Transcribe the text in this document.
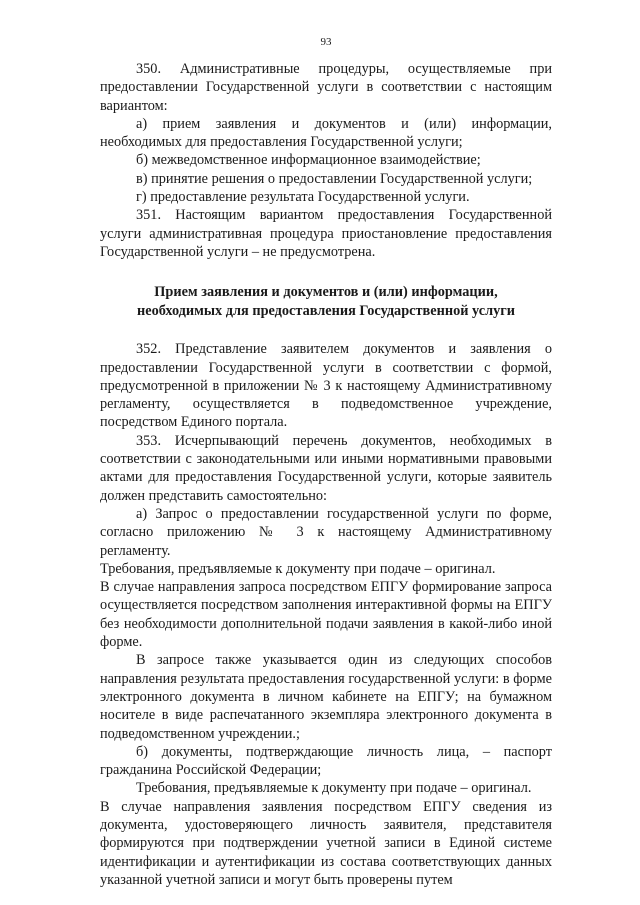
93

350. Административные процедуры, осуществляемые при предоставлении Государственной услуги в соответствии с настоящим вариантом:

а) прием заявления и документов и (или) информации, необходимых для предоставления Государственной услуги;

б) межведомственное информационное взаимодействие;

в) принятие решения о предоставлении Государственной услуги;

г) предоставление результата Государственной услуги.

351. Настоящим вариантом предоставления Государственной услуги административная процедура приостановление предоставления Государственной услуги – не предусмотрена.

Прием заявления и документов и (или) информации,
необходимых для предоставления Государственной услуги

352. Представление заявителем документов и заявления о предоставлении Государственной услуги в соответствии с формой, предусмотренной в приложении № 3 к настоящему Административному регламенту, осуществляется в подведомственное учреждение, посредством Единого портала.

353. Исчерпывающий перечень документов, необходимых в соответствии с законодательными или иными нормативными правовыми актами для предоставления Государственной услуги, которые заявитель должен представить самостоятельно:

а) Запрос о предоставлении государственной услуги по форме, согласно приложению № 3 к настоящему Административному регламенту.

Требования, предъявляемые к документу при подаче – оригинал.

В случае направления запроса посредством ЕПГУ формирование запроса осуществляется посредством заполнения интерактивной формы на ЕПГУ без необходимости дополнительной подачи заявления в какой-либо иной форме.

В запросе также указывается один из следующих способов направления результата предоставления государственной услуги: в форме электронного документа в личном кабинете на ЕПГУ; на бумажном носителе в виде распечатанного экземпляра электронного документа в подведомственном учреждении.;

б) документы, подтверждающие личность лица, – паспорт гражданина Российской Федерации;

Требования, предъявляемые к документу при подаче – оригинал.

В случае направления заявления посредством ЕПГУ сведения из документа, удостоверяющего личность заявителя, представителя формируются при подтверждении учетной записи в Единой системе идентификации и аутентификации из состава соответствующих данных указанной учетной записи и могут быть проверены путем
